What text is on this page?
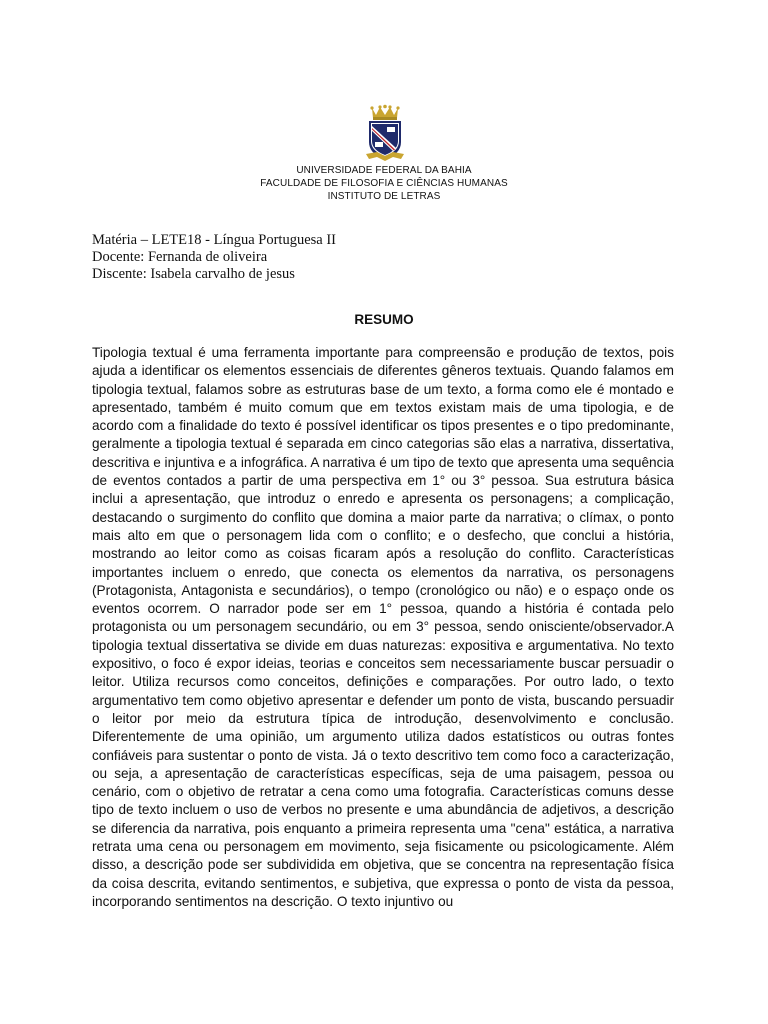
UNIVERSIDADE FEDERAL DA BAHIA
FACULDADE DE FILOSOFIA E CIÊNCIAS HUMANAS
INSTITUTO DE LETRAS
Matéria – LETE18 - Língua Portuguesa II
Docente: Fernanda de oliveira
Discente: Isabela carvalho de jesus
RESUMO
Tipologia textual é uma ferramenta importante para compreensão e produção de textos, pois ajuda a identificar os elementos essenciais de diferentes gêneros textuais. Quando falamos em tipologia textual, falamos sobre as estruturas base de um texto, a forma como ele é montado e apresentado, também é muito comum que em textos existam mais de uma tipologia, e de acordo com a finalidade do texto é possível identificar os tipos presentes e o tipo predominante, geralmente a tipologia textual é separada em cinco categorias são elas a narrativa, dissertativa, descritiva e injuntiva e a infográfica. A narrativa é um tipo de texto que apresenta uma sequência de eventos contados a partir de uma perspectiva em 1° ou 3° pessoa. Sua estrutura básica inclui a apresentação, que introduz o enredo e apresenta os personagens; a complicação, destacando o surgimento do conflito que domina a maior parte da narrativa; o clímax, o ponto mais alto em que o personagem lida com o conflito; e o desfecho, que conclui a história, mostrando ao leitor como as coisas ficaram após a resolução do conflito. Características importantes incluem o enredo, que conecta os elementos da narrativa, os personagens (Protagonista, Antagonista e secundários), o tempo (cronológico ou não) e o espaço onde os eventos ocorrem. O narrador pode ser em 1° pessoa, quando a história é contada pelo protagonista ou um personagem secundário, ou em 3° pessoa, sendo onisciente/observador.A tipologia textual dissertativa se divide em duas naturezas: expositiva e argumentativa. No texto expositivo, o foco é expor ideias, teorias e conceitos sem necessariamente buscar persuadir o leitor. Utiliza recursos como conceitos, definições e comparações. Por outro lado, o texto argumentativo tem como objetivo apresentar e defender um ponto de vista, buscando persuadir o leitor por meio da estrutura típica de introdução, desenvolvimento e conclusão. Diferentemente de uma opinião, um argumento utiliza dados estatísticos ou outras fontes confiáveis para sustentar o ponto de vista. Já o texto descritivo tem como foco a caracterização, ou seja, a apresentação de características específicas, seja de uma paisagem, pessoa ou cenário, com o objetivo de retratar a cena como uma fotografia. Características comuns desse tipo de texto incluem o uso de verbos no presente e uma abundância de adjetivos, a descrição se diferencia da narrativa, pois enquanto a primeira representa uma "cena" estática, a narrativa retrata uma cena ou personagem em movimento, seja fisicamente ou psicologicamente. Além disso, a descrição pode ser subdividida em objetiva, que se concentra na representação física da coisa descrita, evitando sentimentos, e subjetiva, que expressa o ponto de vista da pessoa, incorporando sentimentos na descrição. O texto injuntivo ou
